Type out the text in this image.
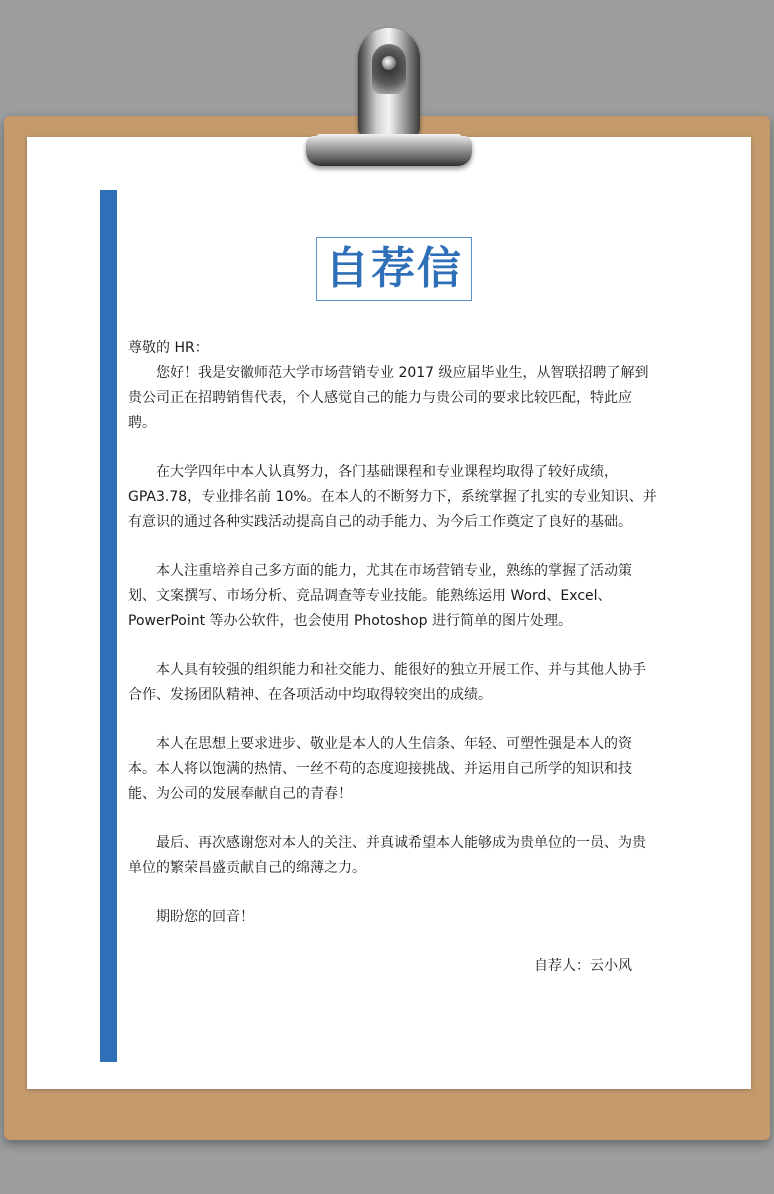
自荐信

尊敬的 HR：

您好！我是安徽师范大学市场营销专业 2017 级应届毕业生，从智联招聘了解到贵公司正在招聘销售代表，个人感觉自己的能力与贵公司的要求比较匹配，特此应聘。

在大学四年中本人认真努力，各门基础课程和专业课程均取得了较好成绩，GPA3.78，专业排名前 10%。在本人的不断努力下，系统掌握了扎实的专业知识、并有意识的通过各种实践活动提高自己的动手能力、为今后工作奠定了良好的基础。

本人注重培养自己多方面的能力，尤其在市场营销专业，熟练的掌握了活动策划、文案撰写、市场分析、竞品调查等专业技能。能熟练运用 Word、Excel、PowerPoint 等办公软件，也会使用 Photoshop 进行简单的图片处理。

本人具有较强的组织能力和社交能力、能很好的独立开展工作、并与其他人协手合作、发扬团队精神、在各项活动中均取得较突出的成绩。

本人在思想上要求进步、敬业是本人的人生信条、年轻、可塑性强是本人的资本。本人将以饱满的热情、一丝不苟的态度迎接挑战、并运用自己所学的知识和技能、为公司的发展奉献自己的青春！

最后、再次感谢您对本人的关注、并真诚希望本人能够成为贵单位的一员、为贵单位的繁荣昌盛贡献自己的绵薄之力。

期盼您的回音！

自荐人：云小风
